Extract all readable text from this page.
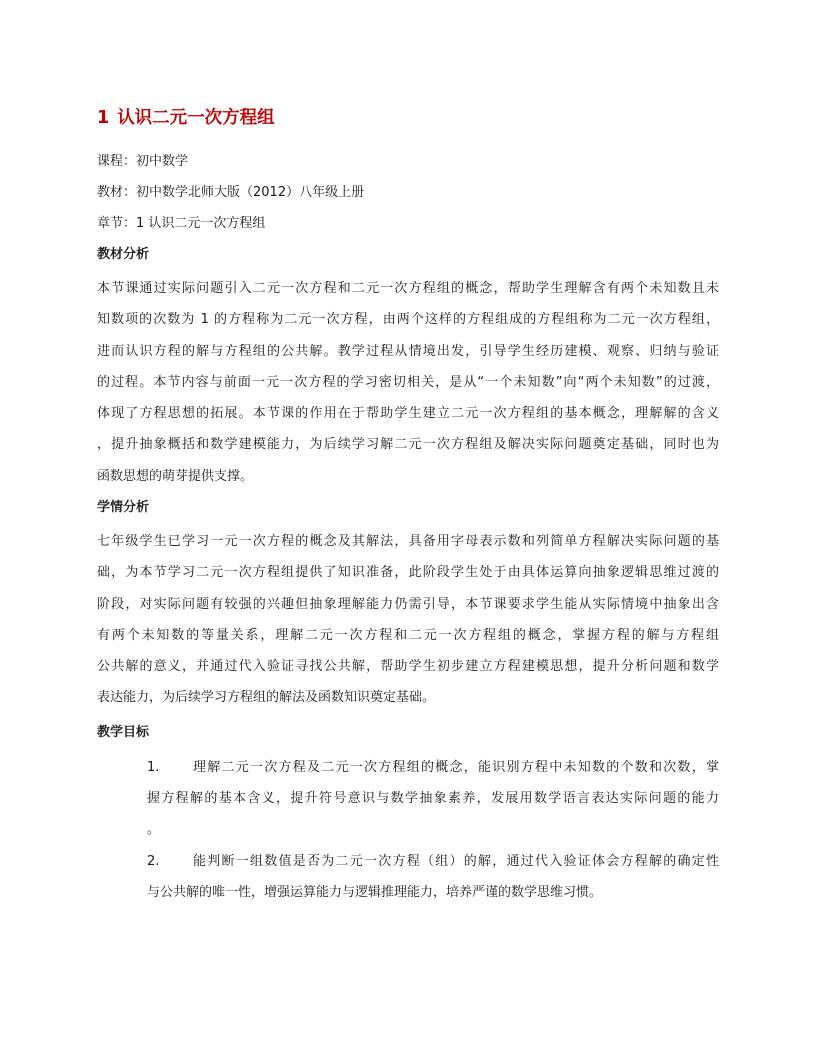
1 认识二元一次方程组
课程：初中数学
教材：初中数学北师大版（2012）八年级上册
章节：1 认识二元一次方程组
教材分析
本节课通过实际问题引入二元一次方程和二元一次方程组的概念，帮助学生理解含有两个未知数且未
知数项的次数为 1 的方程称为二元一次方程，由两个这样的方程组成的方程组称为二元一次方程组，
进而认识方程的解与方程组的公共解。教学过程从情境出发，引导学生经历建模、观察、归纳与验证
的过程。本节内容与前面一元一次方程的学习密切相关，是从“一个未知数”向“两个未知数”的过渡，
体现了方程思想的拓展。本节课的作用在于帮助学生建立二元一次方程组的基本概念，理解解的含义
，提升抽象概括和数学建模能力，为后续学习解二元一次方程组及解决实际问题奠定基础，同时也为
函数思想的萌芽提供支撑。
学情分析
七年级学生已学习一元一次方程的概念及其解法，具备用字母表示数和列简单方程解决实际问题的基
础，为本节学习二元一次方程组提供了知识准备，此阶段学生处于由具体运算向抽象逻辑思维过渡的
阶段，对实际问题有较强的兴趣但抽象理解能力仍需引导，本节课要求学生能从实际情境中抽象出含
有两个未知数的等量关系，理解二元一次方程和二元一次方程组的概念，掌握方程的解与方程组
公共解的意义，并通过代入验证寻找公共解，帮助学生初步建立方程建模思想，提升分析问题和数学
表达能力，为后续学习方程组的解法及函数知识奠定基础。
教学目标
1.	理解二元一次方程及二元一次方程组的概念，能识别方程中未知数的个数和次数，掌
握方程解的基本含义，提升符号意识与数学抽象素养，发展用数学语言表达实际问题的能力
。
2.	能判断一组数值是否为二元一次方程（组）的解，通过代入验证体会方程解的确定性
与公共解的唯一性，增强运算能力与逻辑推理能力，培养严谨的数学思维习惯。
